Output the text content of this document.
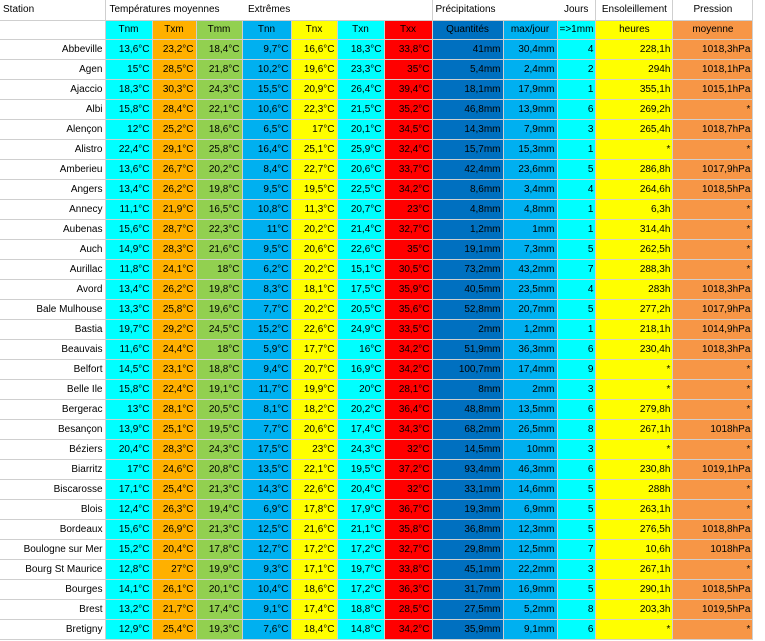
Station	Températures moyennes			Extrêmes				Précipitations		Jours	Ensoleillement	Pression
	Tnm	Txm	Tmm	Tnn	Tnx	Txn	Txx	Quantités	max/jour	=>1mm	heures	moyenne
Abbeville	13,6°C	23,2°C	18,4°C	9,7°C	16,6°C	18,3°C	33,8°C	41mm	30,4mm	4	228,1h	1018,3hPa
Agen	15°C	28,5°C	21,8°C	10,2°C	19,6°C	23,3°C	35°C	5,4mm	2,4mm	2	294h	1018,1hPa
Ajaccio	18,3°C	30,3°C	24,3°C	15,5°C	20,9°C	26,4°C	39,4°C	18,1mm	17,9mm	1	355,1h	1015,1hPa
Albi	15,8°C	28,4°C	22,1°C	10,6°C	22,3°C	21,5°C	35,2°C	46,8mm	13,9mm	6	269,2h	*
Alençon	12°C	25,2°C	18,6°C	6,5°C	17°C	20,1°C	34,5°C	14,3mm	7,9mm	3	265,4h	1018,7hPa
Alistro	22,4°C	29,1°C	25,8°C	16,4°C	25,1°C	25,9°C	32,4°C	15,7mm	15,3mm	1	*	*
Amberieu	13,6°C	26,7°C	20,2°C	8,4°C	22,7°C	20,6°C	33,7°C	42,4mm	23,6mm	5	286,8h	1017,9hPa
Angers	13,4°C	26,2°C	19,8°C	9,5°C	19,5°C	22,5°C	34,2°C	8,6mm	3,4mm	4	264,6h	1018,5hPa
Annecy	11,1°C	21,9°C	16,5°C	10,8°C	11,3°C	20,7°C	23°C	4,8mm	4,8mm	1	6,3h	*
Aubenas	15,6°C	28,7°C	22,3°C	11°C	20,2°C	21,4°C	32,7°C	1,2mm	1mm	1	314,4h	*
Auch	14,9°C	28,3°C	21,6°C	9,5°C	20,6°C	22,6°C	35°C	19,1mm	7,3mm	5	262,5h	*
Aurillac	11,8°C	24,1°C	18°C	6,2°C	20,2°C	15,1°C	30,5°C	73,2mm	43,2mm	7	288,3h	*
Avord	13,4°C	26,2°C	19,8°C	8,3°C	18,1°C	17,5°C	35,9°C	40,5mm	23,5mm	4	283h	1018,3hPa
Bale Mulhouse	13,3°C	25,8°C	19,6°C	7,7°C	20,2°C	20,5°C	35,6°C	52,8mm	20,7mm	5	277,2h	1017,9hPa
Bastia	19,7°C	29,2°C	24,5°C	15,2°C	22,6°C	24,9°C	33,5°C	2mm	1,2mm	1	218,1h	1014,9hPa
Beauvais	11,6°C	24,4°C	18°C	5,9°C	17,7°C	16°C	34,2°C	51,9mm	36,3mm	6	230,4h	1018,3hPa
Belfort	14,5°C	23,1°C	18,8°C	9,4°C	20,7°C	16,9°C	34,2°C	100,7mm	17,4mm	9	*	*
Belle Ile	15,8°C	22,4°C	19,1°C	11,7°C	19,9°C	20°C	28,1°C	8mm	2mm	3	*	*
Bergerac	13°C	28,1°C	20,5°C	8,1°C	18,2°C	20,2°C	36,4°C	48,8mm	13,5mm	6	279,8h	*
Besançon	13,9°C	25,1°C	19,5°C	7,7°C	20,6°C	17,4°C	34,3°C	68,2mm	26,5mm	8	267,1h	1018hPa
Béziers	20,4°C	28,3°C	24,3°C	17,5°C	23°C	24,3°C	32°C	14,5mm	10mm	3	*	*
Biarritz	17°C	24,6°C	20,8°C	13,5°C	22,1°C	19,5°C	37,2°C	93,4mm	46,3mm	6	230,8h	1019,1hPa
Biscarosse	17,1°C	25,4°C	21,3°C	14,3°C	22,6°C	20,4°C	32°C	33,1mm	14,6mm	5	288h	*
Blois	12,4°C	26,3°C	19,4°C	6,9°C	17,8°C	17,9°C	36,7°C	19,3mm	6,9mm	5	263,1h	*
Bordeaux	15,6°C	26,9°C	21,3°C	12,5°C	21,6°C	21,1°C	35,8°C	36,8mm	12,3mm	5	276,5h	1018,8hPa
Boulogne sur Mer	15,2°C	20,4°C	17,8°C	12,7°C	17,2°C	17,2°C	32,7°C	29,8mm	12,5mm	7	10,6h	1018hPa
Bourg St Maurice	12,8°C	27°C	19,9°C	9,3°C	17,1°C	19,7°C	33,8°C	45,1mm	22,2mm	3	267,1h	*
Bourges	14,1°C	26,1°C	20,1°C	10,4°C	18,6°C	17,2°C	36,3°C	31,7mm	16,9mm	5	290,1h	1018,5hPa
Brest	13,2°C	21,7°C	17,4°C	9,1°C	17,4°C	18,8°C	28,5°C	27,5mm	5,2mm	8	203,3h	1019,5hPa
Bretigny	12,9°C	25,4°C	19,3°C	7,6°C	18,4°C	14,8°C	34,2°C	35,9mm	9,1mm	6	*	*
